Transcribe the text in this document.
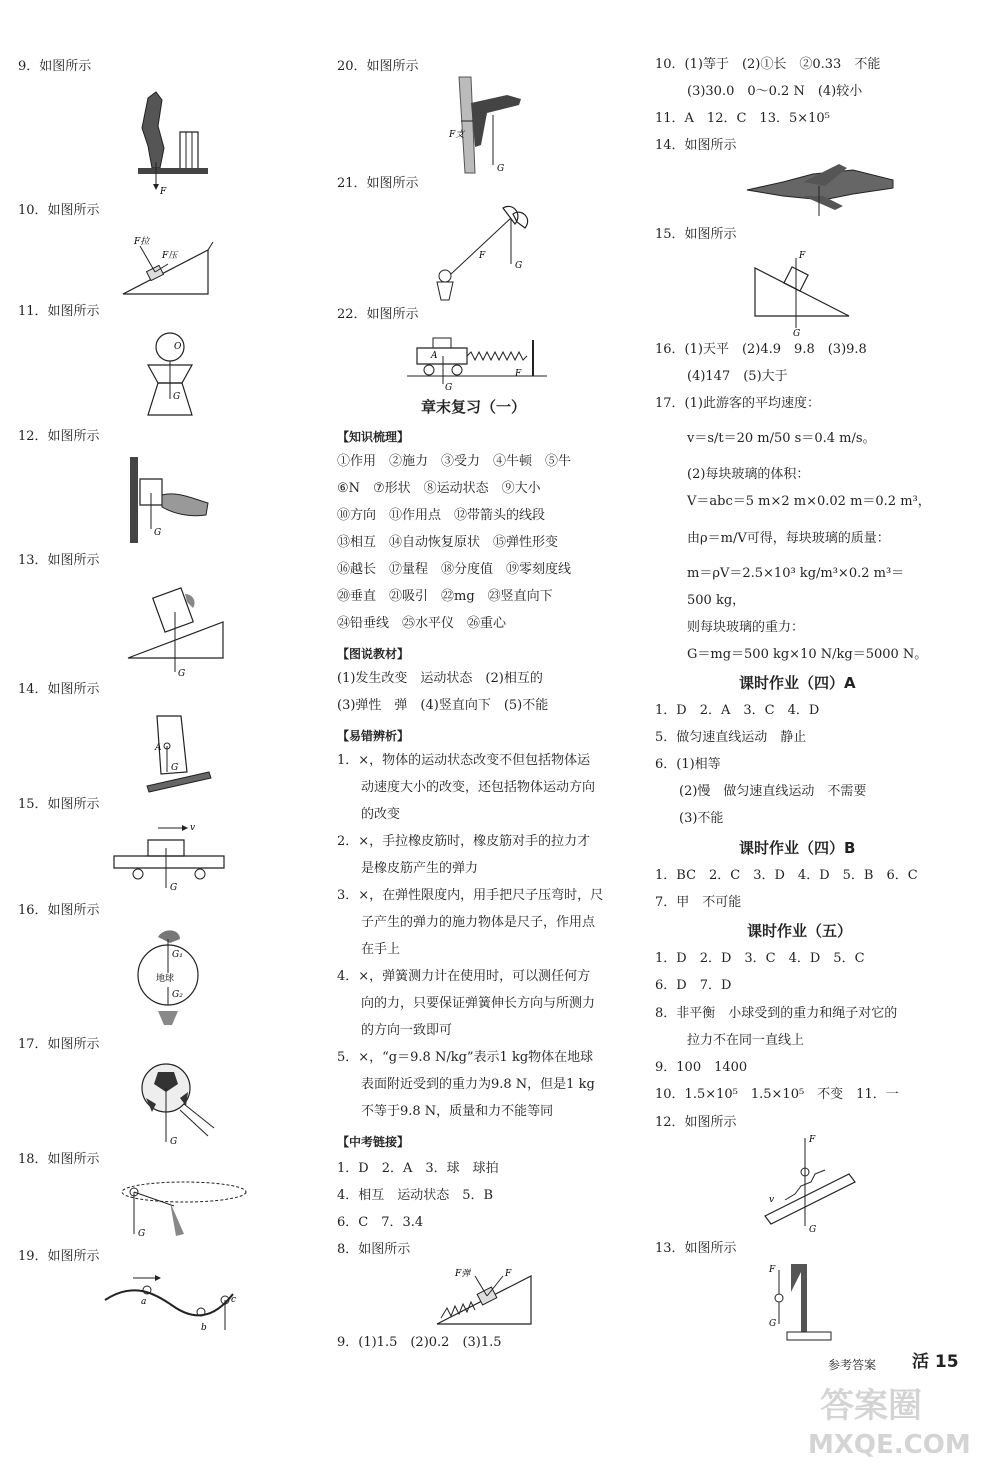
9．如图所示
F
10．如图所示
F拉
F压
11．如图所示
O
G
12．如图所示
G
13．如图所示
G
14．如图所示
A
G
15．如图所示
v
G
16．如图所示
G₁
地球
G₂
17．如图所示
G
18．如图所示
G
19．如图所示
a
b
c
20．如图所示
F支
G
21．如图所示
F
G
22．如图所示
A
G
F
章末复习（一）
【知识梳理】
①作用　②施力　③受力　④牛顿　⑤牛
⑥N　⑦形状　⑧运动状态　⑨大小
⑩方向　⑪作用点　⑫带箭头的线段
⑬相互　⑭自动恢复原状　⑮弹性形变
⑯越长　⑰量程　⑱分度值　⑲零刻度线
⑳垂直　㉑吸引　㉒mg　㉓竖直向下
㉔铅垂线　㉕水平仪　㉖重心
【图说教材】
(1)发生改变　运动状态　(2)相互的
(3)弹性　弹　(4)竖直向下　(5)不能
【易错辨析】
1．×，物体的运动状态改变不但包括物体运
动速度大小的改变，还包括物体运动方向
的改变
2．×，手拉橡皮筋时，橡皮筋对手的拉力才
是橡皮筋产生的弹力
3．×，在弹性限度内，用手把尺子压弯时，尺
子产生的弹力的施力物体是尺子，作用点
在手上
4．×，弹簧测力计在使用时，可以测任何方
向的力，只要保证弹簧伸长方向与所测力
的方向一致即可
5．×，“g＝9.8 N/kg”表示1 kg物体在地球
表面附近受到的重力为9.8 N，但是1 kg
不等于9.8 N，质量和力不能等同
【中考链接】
1．D　2．A　3．球　球拍
4．相互　运动状态　5．B
6．C　7．3.4
8．如图所示
F
F弹
9．(1)1.5　(2)0.2　(3)1.5
10．(1)等于　(2)①长　②0.33　不能
(3)30.0　0～0.2 N　(4)较小
11．A　12．C　13．5×10⁵
14．如图所示
15．如图所示
F
G
16．(1)天平　(2)4.9　9.8　(3)9.8
(4)147　(5)大于
17．(1)此游客的平均速度：
v＝s/t＝20 m/50 s＝0.4 m/s。
(2)每块玻璃的体积：
V＝abc＝5 m×2 m×0.02 m＝0.2 m³，
由ρ＝m/V可得，每块玻璃的质量：
m＝ρV＝2.5×10³ kg/m³×0.2 m³＝
500 kg，
则每块玻璃的重力：
G＝mg＝500 kg×10 N/kg＝5000 N。
课时作业（四）A
1．D　2．A　3．C　4．D
5．做匀速直线运动　静止
6．(1)相等
(2)慢　做匀速直线运动　不需要
(3)不能
课时作业（四）B
1．BC　2．C　3．D　4．D　5．B　6．C
7．甲　不可能
课时作业（五）
1．D　2．D　3．C　4．D　5．C
6．D　7．D
8．非平衡　小球受到的重力和绳子对它的
拉力不在同一直线上
9．100　1400
10．1.5×10⁵　1.5×10⁵　不变　11．一
12．如图所示
F
G
v
13．如图所示
F
G
参考答案 活 15
答案圈
MXQE.COM
